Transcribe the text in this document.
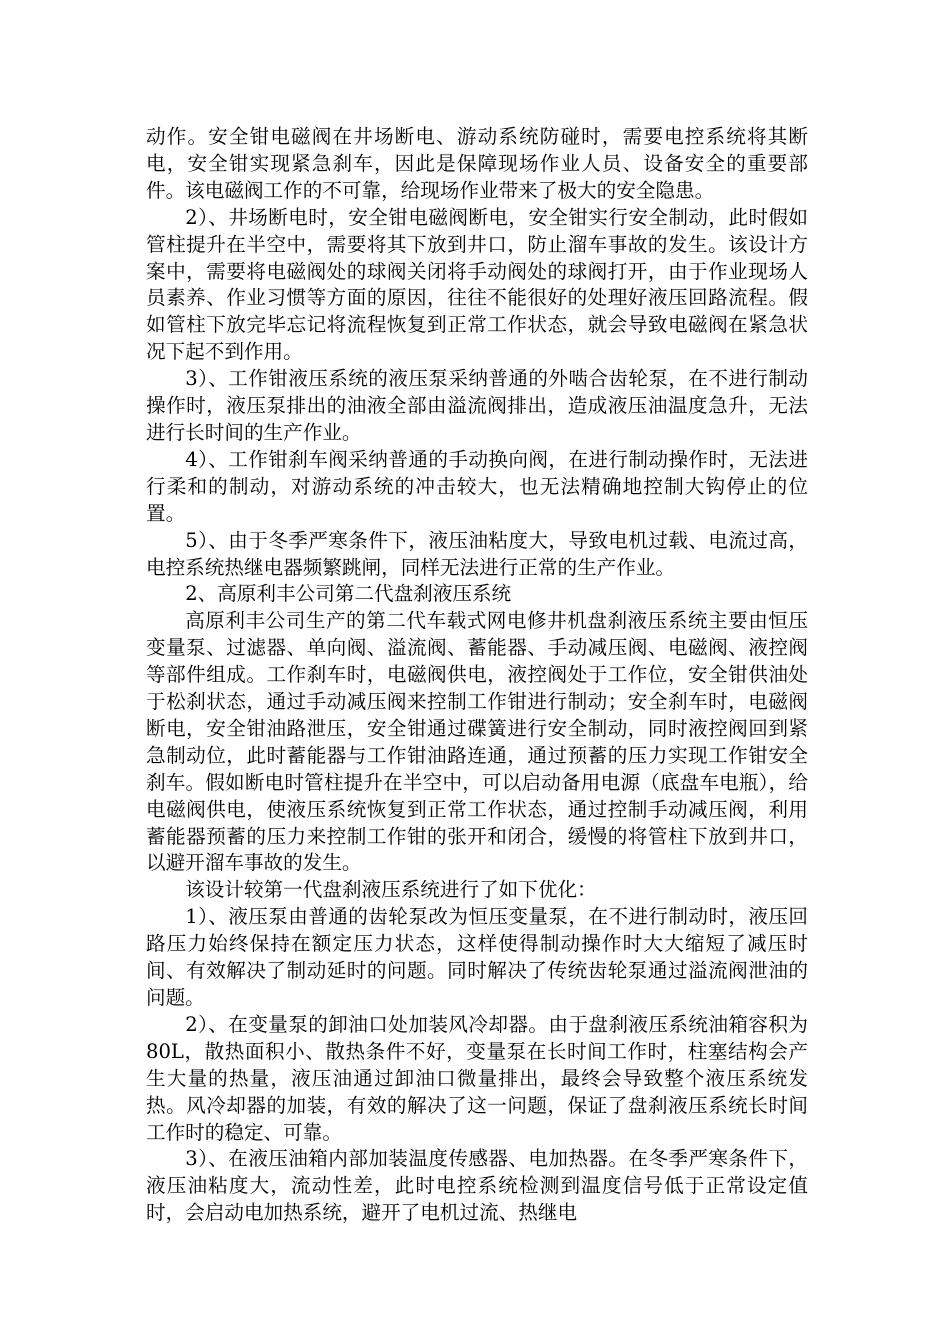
动作。安全钳电磁阀在井场断电、游动系统防碰时，需要电控系统将其断电，安全钳实现紧急刹车，因此是保障现场作业人员、设备安全的重要部件。该电磁阀工作的不可靠，给现场作业带来了极大的安全隐患。

2）、井场断电时，安全钳电磁阀断电，安全钳实行安全制动，此时假如管柱提升在半空中，需要将其下放到井口，防止溜车事故的发生。该设计方案中，需要将电磁阀处的球阀关闭将手动阀处的球阀打开，由于作业现场人员素养、作业习惯等方面的原因，往往不能很好的处理好液压回路流程。假如管柱下放完毕忘记将流程恢复到正常工作状态，就会导致电磁阀在紧急状况下起不到作用。

3）、工作钳液压系统的液压泵采纳普通的外啮合齿轮泵，在不进行制动操作时，液压泵排出的油液全部由溢流阀排出，造成液压油温度急升，无法进行长时间的生产作业。

4）、工作钳刹车阀采纳普通的手动换向阀，在进行制动操作时，无法进行柔和的制动，对游动系统的冲击较大，也无法精确地控制大钩停止的位置。

5）、由于冬季严寒条件下，液压油粘度大，导致电机过载、电流过高，电控系统热继电器频繁跳闸，同样无法进行正常的生产作业。

2、高原利丰公司第二代盘刹液压系统

高原利丰公司生产的第二代车载式网电修井机盘刹液压系统主要由恒压变量泵、过滤器、单向阀、溢流阀、蓄能器、手动减压阀、电磁阀、液控阀等部件组成。工作刹车时，电磁阀供电，液控阀处于工作位，安全钳供油处于松刹状态，通过手动减压阀来控制工作钳进行制动；安全刹车时，电磁阀断电，安全钳油路泄压，安全钳通过碟簧进行安全制动，同时液控阀回到紧急制动位，此时蓄能器与工作钳油路连通，通过预蓄的压力实现工作钳安全刹车。假如断电时管柱提升在半空中，可以启动备用电源（底盘车电瓶），给电磁阀供电，使液压系统恢复到正常工作状态，通过控制手动减压阀，利用蓄能器预蓄的压力来控制工作钳的张开和闭合，缓慢的将管柱下放到井口，以避开溜车事故的发生。

该设计较第一代盘刹液压系统进行了如下优化：

1）、液压泵由普通的齿轮泵改为恒压变量泵，在不进行制动时，液压回路压力始终保持在额定压力状态，这样使得制动操作时大大缩短了减压时间、有效解决了制动延时的问题。同时解决了传统齿轮泵通过溢流阀泄油的问题。

2）、在变量泵的卸油口处加装风冷却器。由于盘刹液压系统油箱容积为80L，散热面积小、散热条件不好，变量泵在长时间工作时，柱塞结构会产生大量的热量，液压油通过卸油口微量排出，最终会导致整个液压系统发热。风冷却器的加装，有效的解决了这一问题，保证了盘刹液压系统长时间工作时的稳定、可靠。

3）、在液压油箱内部加装温度传感器、电加热器。在冬季严寒条件下，液压油粘度大，流动性差，此时电控系统检测到温度信号低于正常设定值时，会启动电加热系统，避开了电机过流、热继电
